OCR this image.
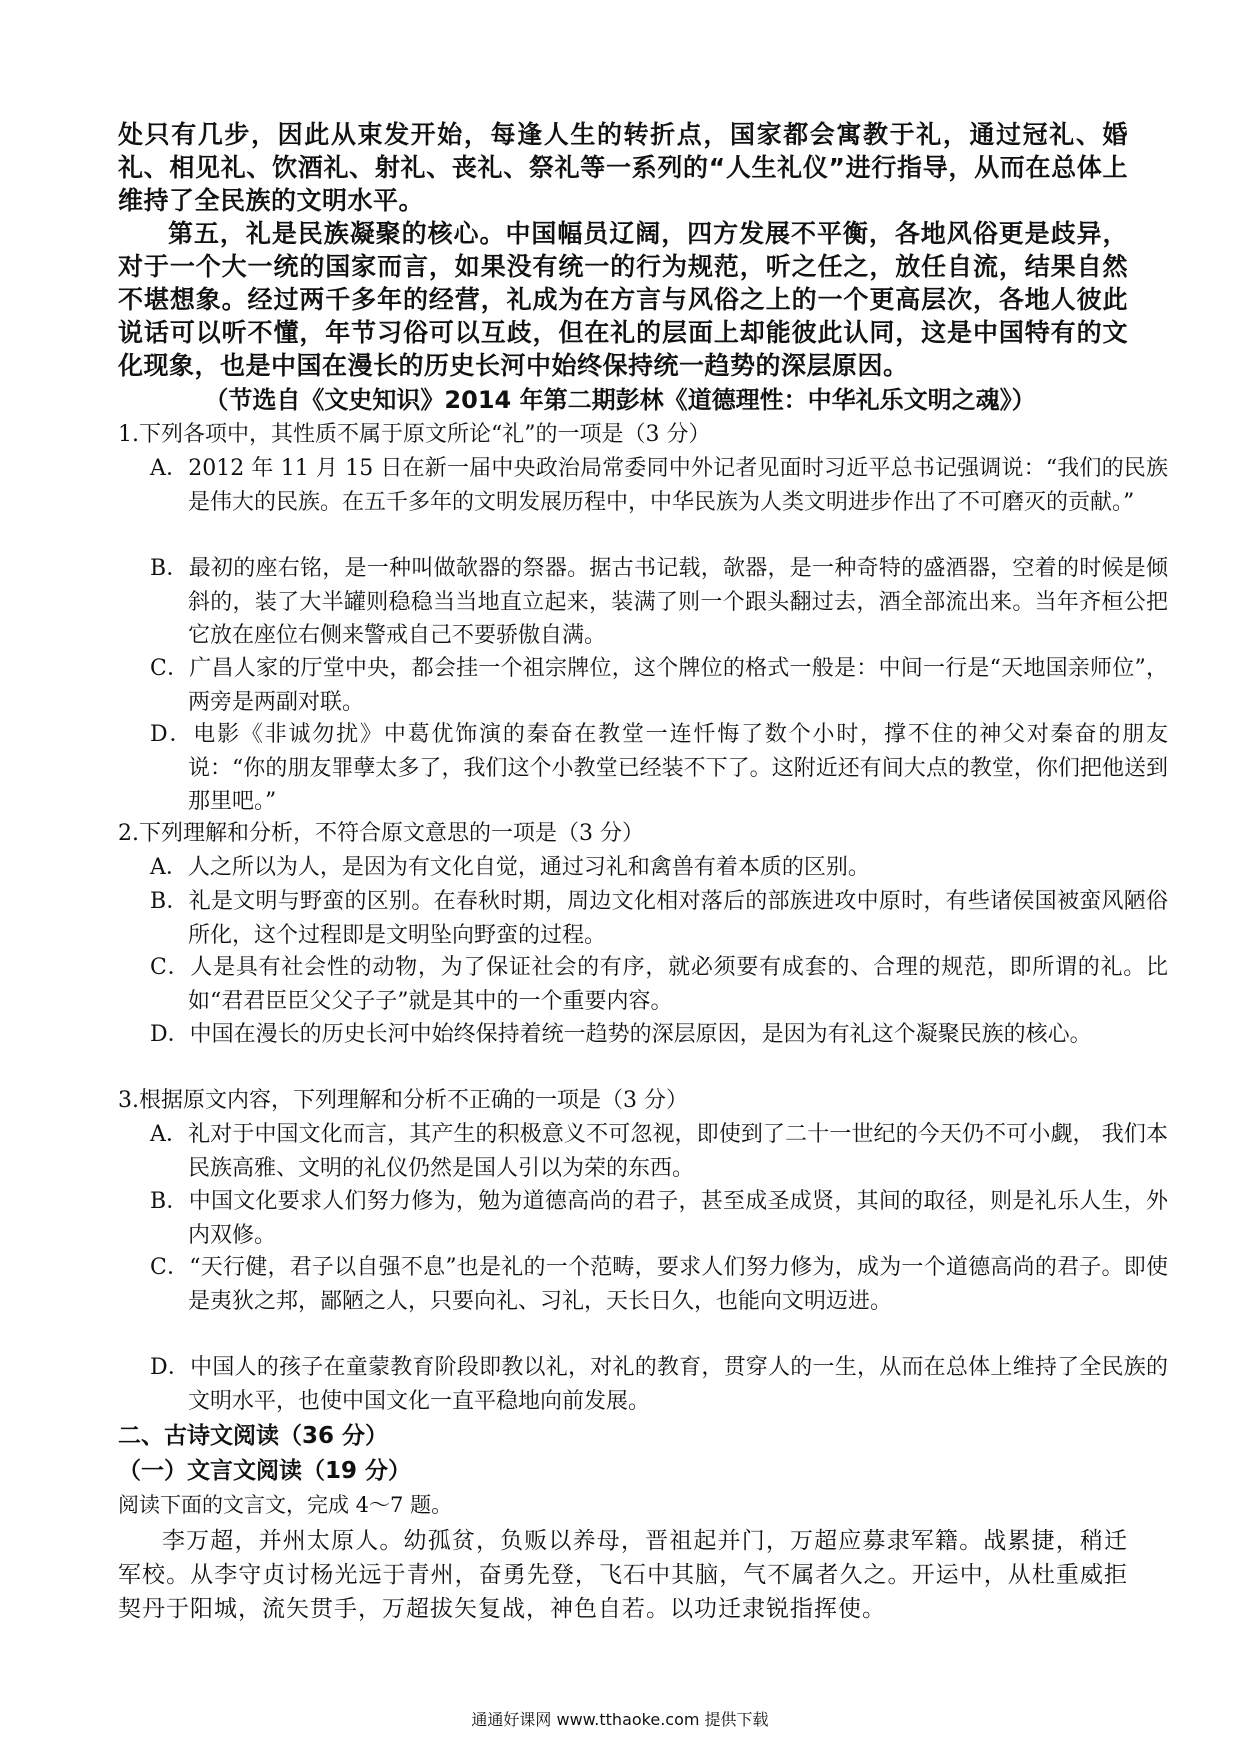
处只有几步，因此从束发开始，每逢人生的转折点，国家都会寓教于礼，通过冠礼、婚礼、相见礼、饮酒礼、射礼、丧礼、祭礼等一系列的“人生礼仪”进行指导，从而在总体上维持了全民族的文明水平。

第五，礼是民族凝聚的核心。中国幅员辽阔，四方发展不平衡，各地风俗更是歧异，对于一个大一统的国家而言，如果没有统一的行为规范，听之任之，放任自流，结果自然不堪想象。经过两千多年的经营，礼成为在方言与风俗之上的一个更高层次，各地人彼此说话可以听不懂，年节习俗可以互歧，但在礼的层面上却能彼此认同，这是中国特有的文化现象，也是中国在漫长的历史长河中始终保持统一趋势的深层原因。

（节选自《文史知识》2014 年第二期彭林《道德理性：中华礼乐文明之魂》）

1.下列各项中，其性质不属于原文所论“礼”的一项是（3 分）

A．2012 年 11 月 15 日在新一届中央政治局常委同中外记者见面时习近平总书记强调说：“我们的民族是伟大的民族。在五千多年的文明发展历程中，中华民族为人类文明进步作出了不可磨灭的贡献。”

B．最初的座右铭，是一种叫做欹器的祭器。据古书记载，欹器，是一种奇特的盛酒器，空着的时候是倾斜的，装了大半罐则稳稳当当地直立起来，装满了则一个跟头翻过去，酒全部流出来。当年齐桓公把它放在座位右侧来警戒自己不要骄傲自满。

C．广昌人家的厅堂中央，都会挂一个祖宗牌位，这个牌位的格式一般是：中间一行是“天地国亲师位”，两旁是两副对联。

D．电影《非诚勿扰》中葛优饰演的秦奋在教堂一连忏悔了数个小时，撑不住的神父对秦奋的朋友说：“你的朋友罪孽太多了，我们这个小教堂已经装不下了。这附近还有间大点的教堂，你们把他送到那里吧。”

2.下列理解和分析，不符合原文意思的一项是（3 分）

A．人之所以为人，是因为有文化自觉，通过习礼和禽兽有着本质的区别。

B．礼是文明与野蛮的区别。在春秋时期，周边文化相对落后的部族进攻中原时，有些诸侯国被蛮风陋俗所化，这个过程即是文明坠向野蛮的过程。

C．人是具有社会性的动物，为了保证社会的有序，就必须要有成套的、合理的规范，即所谓的礼。比如“君君臣臣父父子子”就是其中的一个重要内容。

D．中国在漫长的历史长河中始终保持着统一趋势的深层原因，是因为有礼这个凝聚民族的核心。

3.根据原文内容，下列理解和分析不正确的一项是（3 分）

A．礼对于中国文化而言，其产生的积极意义不可忽视，即使到了二十一世纪的今天仍不可小觑， 我们本民族高雅、文明的礼仪仍然是国人引以为荣的东西。

B．中国文化要求人们努力修为，勉为道德高尚的君子，甚至成圣成贤，其间的取径，则是礼乐人生，外内双修。

C．“天行健，君子以自强不息”也是礼的一个范畴，要求人们努力修为，成为一个道德高尚的君子。即使是夷狄之邦，鄙陋之人，只要向礼、习礼，天长日久，也能向文明迈进。

D．中国人的孩子在童蒙教育阶段即教以礼，对礼的教育，贯穿人的一生，从而在总体上维持了全民族的文明水平，也使中国文化一直平稳地向前发展。

二、古诗文阅读（36 分）

（一）文言文阅读（19 分）

阅读下面的文言文，完成 4～7 题。

李万超，并州太原人。幼孤贫，负贩以养母，晋祖起并门，万超应募隶军籍。战累捷，稍迁军校。从李守贞讨杨光远于青州，奋勇先登，飞石中其脑，气不属者久之。开运中，从杜重威拒契丹于阳城，流矢贯手，万超拔矢复战，神色自若。以功迁隶锐指挥使。

通通好课网 www.tthaoke.com 提供下载
